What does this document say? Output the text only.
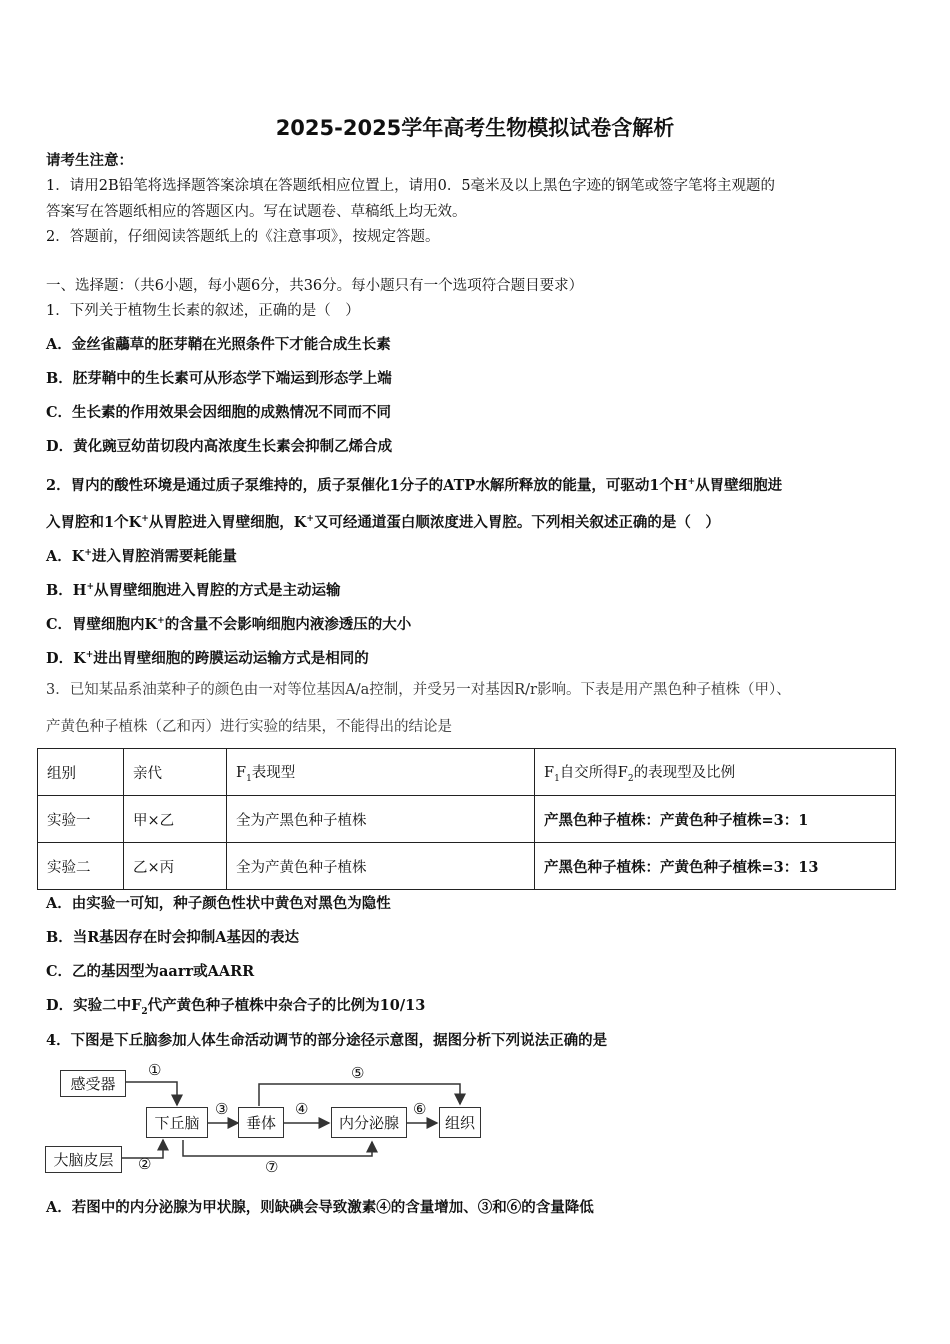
2025-2025学年高考生物模拟试卷含解析
请考生注意：
1．请用2B铅笔将选择题答案涂填在答题纸相应位置上，请用0．5毫米及以上黑色字迹的钢笔或签字笔将主观题的
答案写在答题纸相应的答题区内。写在试题卷、草稿纸上均无效。
2．答题前，仔细阅读答题纸上的《注意事项》，按规定答题。
一、选择题：（共6小题，每小题6分，共36分。每小题只有一个选项符合题目要求）
1．下列关于植物生长素的叙述，正确的是（　）
A．金丝雀虉草的胚芽鞘在光照条件下才能合成生长素
B．胚芽鞘中的生长素可从形态学下端运到形态学上端
C．生长素的作用效果会因细胞的成熟情况不同而不同
D．黄化豌豆幼苗切段内高浓度生长素会抑制乙烯合成
2．胃内的酸性环境是通过质子泵维持的，质子泵催化1分子的ATP水解所释放的能量，可驱动1个H+从胃壁细胞进
入胃腔和1个K+从胃腔进入胃壁细胞，K+又可经通道蛋白顺浓度进入胃腔。下列相关叙述正确的是（　）
A．K+进入胃腔消需要耗能量
B．H+从胃壁细胞进入胃腔的方式是主动运输
C．胃壁细胞内K+的含量不会影响细胞内液渗透压的大小
D．K+进出胃壁细胞的跨膜运动运输方式是相同的
3．已知某品系油菜种子的颜色由一对等位基因A/a控制，并受另一对基因R/r影响。下表是用产黑色种子植株（甲）、
产黄色种子植株（乙和丙）进行实验的结果，不能得出的结论是
组别	亲代	$F_1$表现型	$F_1$自交所得$F_2$的表现型及比例
实验一	甲×乙	全为产黑色种子植株	产黑色种子植株：产黄色种子植株=3：1
实验二	乙×丙	全为产黄色种子植株	产黑色种子植株：产黄色种子植株=3：13
A．由实验一可知，种子颜色性状中黄色对黑色为隐性
B．当R基因存在时会抑制A基因的表达
C．乙的基因型为aarr或AARR
D．实验二中$F_2$代产黄色种子植株中杂合子的比例为10/13
4．下图是下丘脑参加人体生命活动调节的部分途径示意图，据图分析下列说法正确的是
感受器
大脑皮层
下丘脑	垂体	内分泌腺	组织
①
②
③	④
⑤
⑥
⑦
A．若图中的内分泌腺为甲状腺，则缺碘会导致激素④的含量增加、③和⑥的含量降低
